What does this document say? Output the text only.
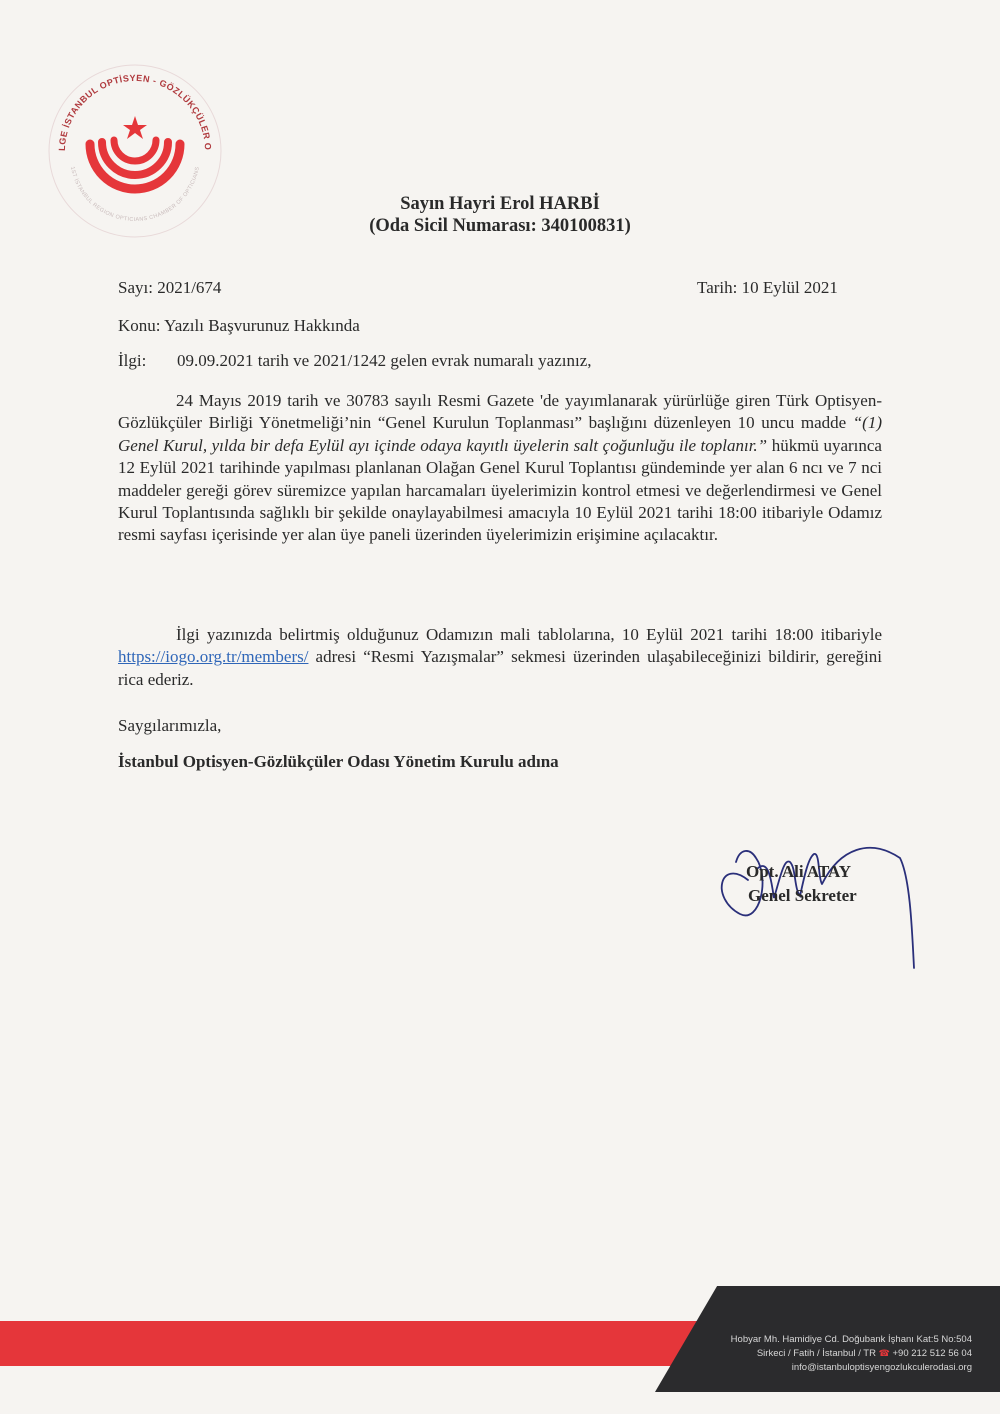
LGE İSTANBUL OPTİSYEN - GÖZLÜKÇÜLER O
1ST İSTANBUL REGION OPTICIANS CHAMBER OF OPTICIANS
Sayın Hayri Erol HARBİ
(Oda Sicil Numarası: 340100831)
Sayı: 2021/674	Tarih: 10 Eylül 2021
Konu: Yazılı Başvurunuz Hakkında
İlgi: 09.09.2021 tarih ve 2021/1242 gelen evrak numaralı yazınız,
24 Mayıs 2019 tarih ve 30783 sayılı Resmi Gazete 'de yayımlanarak yürürlüğe giren Türk Optisyen-Gözlükçüler Birliği Yönetmeliği’nin “Genel Kurulun Toplanması” başlığını düzenleyen 10 uncu madde “(1) Genel Kurul, yılda bir defa Eylül ayı içinde odaya kayıtlı üyelerin salt çoğunluğu ile toplanır.” hükmü uyarınca 12 Eylül 2021 tarihinde yapılması planlanan Olağan Genel Kurul Toplantısı gündeminde yer alan 6 ncı ve 7 nci maddeler gereği görev süremizce yapılan harcamaları üyelerimizin kontrol etmesi ve değerlendirmesi ve Genel Kurul Toplantısında sağlıklı bir şekilde onaylayabilmesi amacıyla 10 Eylül 2021 tarihi 18:00 itibariyle Odamız resmi sayfası içerisinde yer alan üye paneli üzerinden üyelerimizin erişimine açılacaktır.
İlgi yazınızda belirtmiş olduğunuz Odamızın mali tablolarına, 10 Eylül 2021 tarihi 18:00 itibariyle https://iogo.org.tr/members/ adresi “Resmi Yazışmalar” sekmesi üzerinden ulaşabileceğinizi bildirir, gereğini rica ederiz.
Saygılarımızla,
İstanbul Optisyen-Gözlükçüler Odası Yönetim Kurulu adına
Opt. Ali ATAY
Genel Sekreter
Hobyar Mh. Hamidiye Cd. Doğubank İşhanı Kat:5 No:504
Sirkeci / Fatih / İstanbul / TR ☎ +90 212 512 56 04
info@istanbuloptisyengozlukculerodasi.org
